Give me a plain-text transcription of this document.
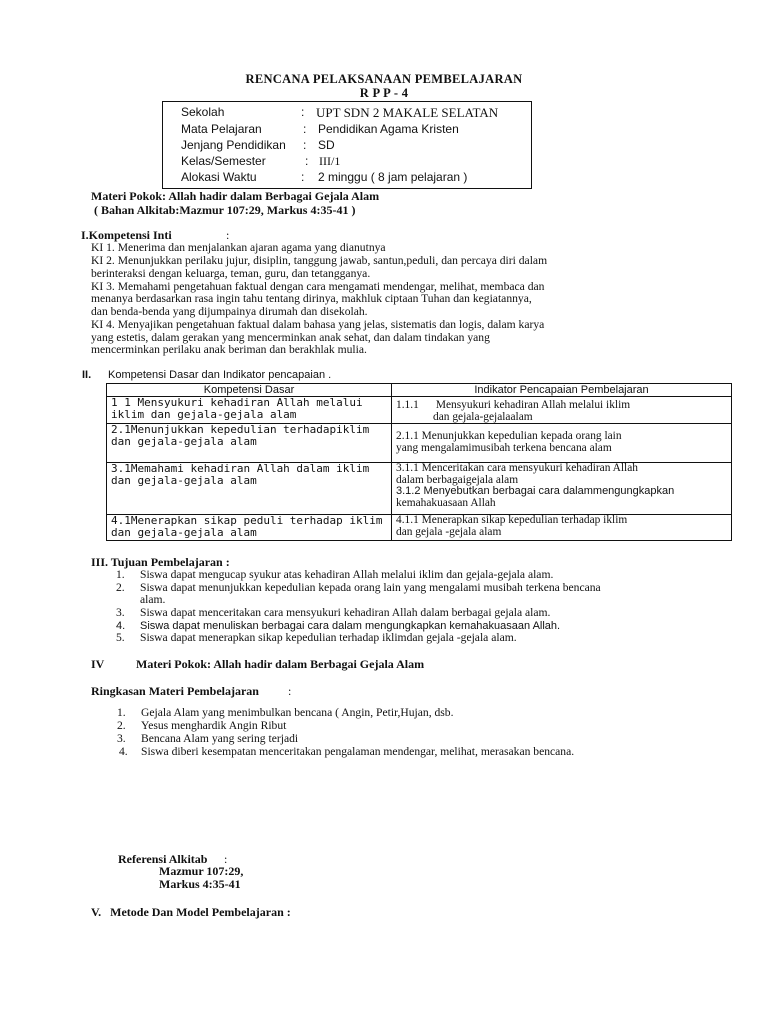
RENCANA PELAKSANAAN PEMBELAJARAN
R P P - 4
Sekolah	: UPT SDN 2 MAKALE SELATAN
Mata Pelajaran	: Pendidikan Agama Kristen
Jenjang Pendidikan : SD
Kelas/Semester	: III/1
Alokasi Waktu	: 2 minggu ( 8 jam pelajaran )
Materi Pokok: Allah hadir dalam Berbagai Gejala Alam
( Bahan Alkitab:Mazmur 107:29, Markus 4:35-41 )
I.Kompetensi Inti	:
KI 1. Menerima dan menjalankan ajaran agama yang dianutnya
KI 2. Menunjukkan perilaku jujur, disiplin, tanggung jawab, santun,peduli, dan percaya diri dalam
berinteraksi dengan keluarga, teman, guru, dan tetangganya.
KI 3. Memahami pengetahuan faktual dengan cara mengamati mendengar, melihat, membaca dan
menanya berdasarkan rasa ingin tahu tentang dirinya, makhluk ciptaan Tuhan dan kegiatannya,
dan benda-benda yang dijumpainya dirumah dan disekolah.
KI 4. Menyajikan pengetahuan faktual dalam bahasa yang jelas, sistematis dan logis, dalam karya
yang estetis, dalam gerakan yang mencerminkan anak sehat, dan dalam tindakan yang
mencerminkan perilaku anak beriman dan berakhlak mulia.
II. Kompetensi Dasar dan Indikator pencapaian .
Kompetensi Dasar	Indikator Pencapaian Pembelajaran
1 1 Mensyukuri kehadiran Allah melalui iklim dan gejala-gejala alam	1.1.1      Mensyukuri kehadiran Allah melalui iklim
dan gejala-gejalaalam

2.1Menunjukkan kepedulian terhadapiklim dan gejala-gejala alam	2.1.1 Menunjukkan kepedulian kepada orang lain
yang mengalamimusibah terkena bencana alam

3.1Memahami kehadiran Allah dalam iklim dan gejala-gejala alam	3.1.1 Menceritakan cara mensyukuri kehadiran Allah
dalam berbagaigejala alam
3.1.2 Menyebutkan berbagai cara dalammengungkapkan
kemahakuasaan Allah

4.1Menerapkan sikap peduli terhadap iklim dan gejala-gejala alam	4.1.1 Menerapkan sikap kepedulian terhadap iklim
dan gejala -gejala alam
III. Tujuan Pembelajaran :
1. Siswa dapat mengucap syukur atas kehadiran Allah melalui iklim dan gejala-gejala alam.
2. Siswa dapat menunjukkan kepedulian kepada orang lain yang mengalami musibah terkena bencana
alam.
3. Siswa dapat menceritakan cara mensyukuri kehadiran Allah dalam berbagai gejala alam.
4. Siswa dapat menuliskan berbagai cara dalam mengungkapkan kemahakuasaan Allah.
5. Siswa dapat menerapkan sikap kepedulian terhadap iklimdan gejala -gejala alam.
IV	Materi Pokok: Allah hadir dalam Berbagai Gejala Alam
Ringkasan Materi Pembelajaran :
1. Gejala Alam yang menimbulkan bencana ( Angin, Petir,Hujan, dsb.
2. Yesus menghardik Angin Ribut
3. Bencana Alam yang sering terjadi
4. Siswa diberi kesempatan menceritakan pengalaman mendengar, melihat, merasakan bencana.
Referensi Alkitab :
Mazmur 107:29,
Markus 4:35-41
V.   Metode Dan Model Pembelajaran :
